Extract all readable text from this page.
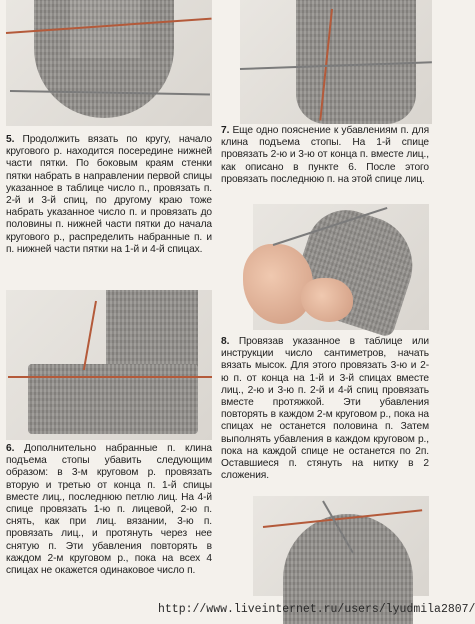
5. Продолжить вязать по кругу, начало кругового р. находится посередине нижней части пятки. По боковым краям стенки пятки набрать в направлении первой спицы указанное в таблице число п., провязать п. 2-й и 3-й спиц, по другому краю тоже набрать указанное число п. и провязать до половины п. нижней части пятки до начала кругового р., распределить набранные п. и п. нижней части пятки на 1-й и 4-й спицах.
6. Дополнительно набранные п. клина подъема стопы убавить следующим образом: в 3-м круговом р. провязать вторую и третью от конца п. 1-й спицы вместе лиц., последнюю петлю лиц. На 4-й спице провязать 1-ю п. лицевой, 2-ю п. снять, как при лиц. вязании, 3-ю п. провязать лиц., и протянуть через нее снятую п. Эти убавления повторять в каждом 2-м круговом р., пока на всех 4 спицах не окажется одинаковое число п.
7. Еще одно пояснение к убавлениям п. для клина подъема стопы. На 1-й спице провязать 2-ю и 3-ю от конца п. вместе лиц., как описано в пункте 6. После этого провязать последнюю п. на этой спице лиц.
8. Провязав указанное в таблице или инструкции число сантиметров, начать вязать мысок. Для этого провязать 3-ю и 2-ю п. от конца на 1-й и 3-й спицах вместе лиц., 2-ю и 3-ю п. 2-й и 4-й спиц провязать вместе протяжкой. Эти убавления повторять в каждом 2-м круговом р., пока на спицах не останется половина п. Затем выполнять убавления в каждом круговом р., пока на каждой спице не останется по 2п. Оставшиеся п. стянуть на нитку в 2 сложения.
http://www.liveinternet.ru/users/lyudmila2807/
